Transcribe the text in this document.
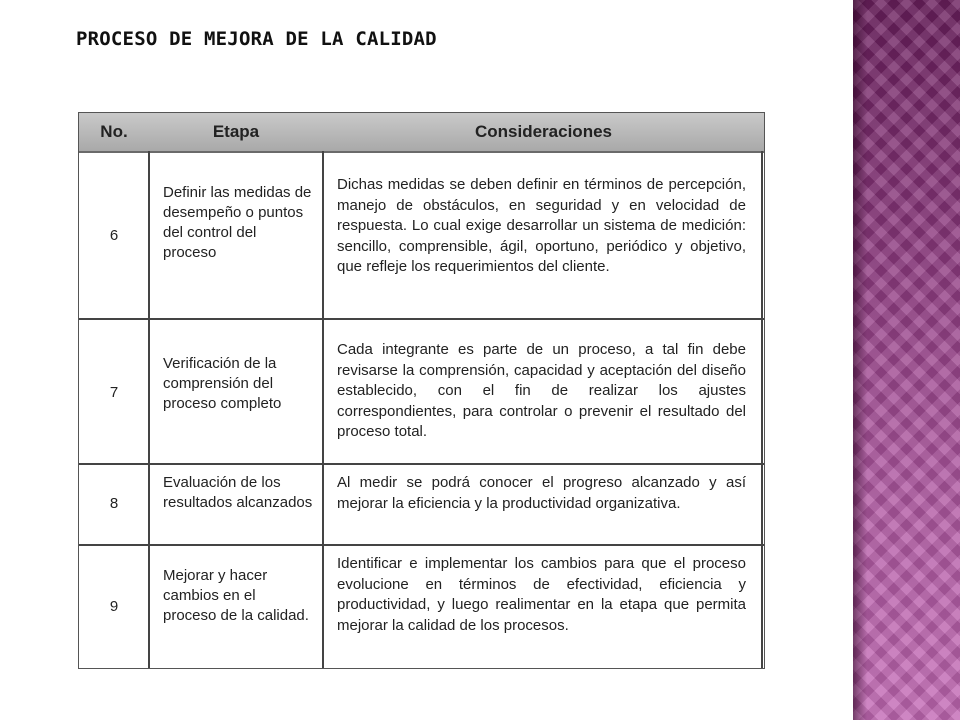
PROCESO DE MEJORA DE LA CALIDAD
No.	Etapa	Consideraciones
6
Definir las medidas de desempeño o puntos del control del proceso
Dichas medidas se deben definir en términos de percepción, manejo de obstáculos, en seguridad y en velocidad de respuesta. Lo cual exige desarrollar un sistema de medición: sencillo, comprensible, ágil, oportuno, periódico y objetivo, que refleje los requerimientos del cliente.
7
Verificación de la comprensión del proceso completo
Cada integrante es parte de un proceso, a tal fin debe revisarse la comprensión, capacidad y aceptación del diseño establecido, con el fin de realizar los ajustes correspondientes, para controlar o prevenir el resultado del proceso total.
8
Evaluación de los resultados alcanzados
Al medir se podrá conocer el progreso alcanzado y así mejorar la eficiencia y la productividad organizativa.
9
Mejorar y hacer cambios en el proceso de la calidad.
Identificar e implementar los cambios para que el proceso evolucione en términos de efectividad, eficiencia y productividad, y luego realimentar en la etapa que permita mejorar la calidad de los procesos.
